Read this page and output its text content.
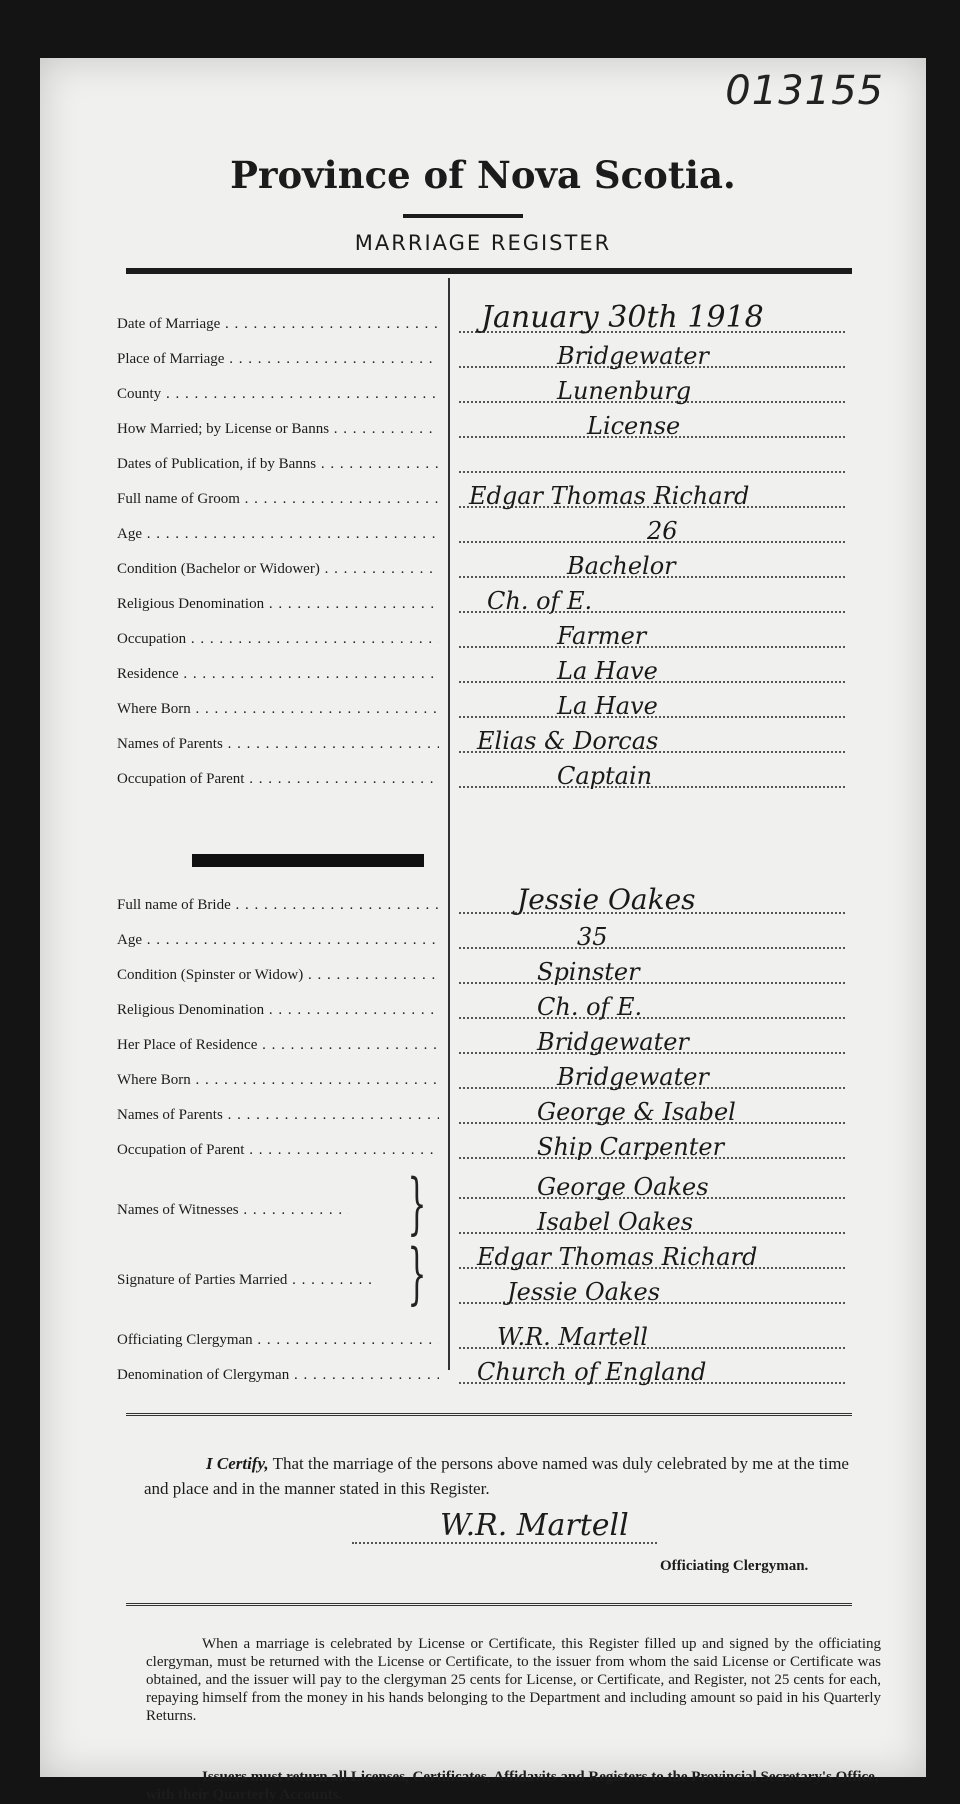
013155
Province of Nova Scotia.
MARRIAGE REGISTER
Date of Marriage . . .	January 30th 1918
Place of Marriage . . .	Bridgewater
County . . .	Lunenburg
How Married; by License or Banns . . .	License
Dates of Publication, if by Banns . . .
Full name of Groom . . .	Edgar Thomas Richard
Age . . .	26
Condition (Bachelor or Widower) . . .	Bachelor
Religious Denomination . . .	Ch. of E.
Occupation . . .	Farmer
Residence . . .	La Have
Where Born . . .	La Have
Names of Parents . . .	Elias & Dorcas
Occupation of Parent . . .	Captain
Full name of Bride . . .	Jessie Oakes
Age . . .	35
Condition (Spinster or Widow) . . .	Spinster
Religious Denomination . . .	Ch. of E.
Her Place of Residence . . .	Bridgewater
Where Born . . .	Bridgewater
Names of Parents . . .	George & Isabel
Occupation of Parent . . .	Ship Carpenter
Names of Witnesses . . .	}	George Oakes
Isabel Oakes
Signature of Parties Married . . .	} Edgar Thomas Richard
Jessie Oakes
Officiating Clergyman . . .	W.R. Martell
Denomination of Clergyman . . .	Church of England
I Certify, That the marriage of the persons above named was duly celebrated by me at the time and place and in the manner stated in this Register.
W.R. Martell
Officiating Clergyman.
When a marriage is celebrated by License or Certificate, this Register filled up and signed by the officiating clergyman, must be returned with the License or Certificate, to the issuer from whom the said License or Certificate was obtained, and the issuer will pay to the clergyman 25 cents for License, or Certificate, and Register, not 25 cents for each, repaying himself from the money in his hands belonging to the Department and including amount so paid in his Quarterly Returns.
Issuers must return all Licenses, Certificates, Affidavits and Registers to the Provincial Secretary's Office, with their Quarterly Accounts.
